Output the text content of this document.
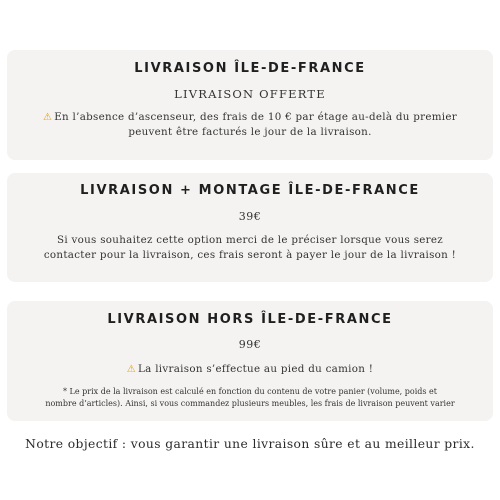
LIVRAISON ÎLE-DE-FRANCE
LIVRAISON OFFERTE
⚠ En l’absence d’ascenseur, des frais de 10 € par étage au-delà du premier
peuvent être facturés le jour de la livraison.
LIVRAISON + MONTAGE ÎLE-DE-FRANCE
39€
Si vous souhaitez cette option merci de le préciser lorsque vous serez
contacter pour la livraison, ces frais seront à payer le jour de la livraison !
LIVRAISON HORS ÎLE-DE-FRANCE
99€
⚠ La livraison s’effectue au pied du camion !
* Le prix de la livraison est calculé en fonction du contenu de votre panier (volume, poids et
nombre d’articles). Ainsi, si vous commandez plusieurs meubles, les frais de livraison peuvent varier
Notre objectif : vous garantir une livraison sûre et au meilleur prix.
